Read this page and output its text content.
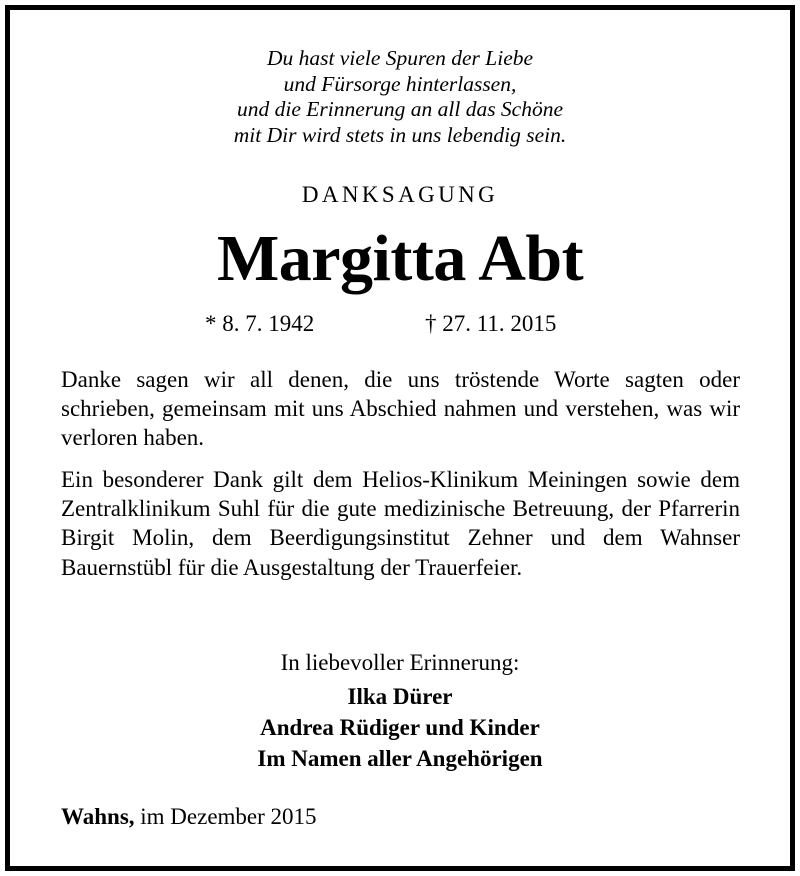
Du hast viele Spuren der Liebe
und Fürsorge hinterlassen,
und die Erinnerung an all das Schöne
mit Dir wird stets in uns lebendig sein.
DANKSAGUNG
Margitta Abt
* 8. 7. 1942	† 27. 11. 2015
Danke sagen wir all denen, die uns tröstende Worte sagten oder schrieben, gemeinsam mit uns Abschied nahmen und verstehen, was wir verloren haben.
Ein besonderer Dank gilt dem Helios-Klinikum Meiningen sowie dem Zentralklinikum Suhl für die gute medizinische Betreuung, der Pfarrerin Birgit Molin, dem Beerdigungsinstitut Zehner und dem Wahnser Bauernstübl für die Ausgestaltung der Trauerfeier.
In liebevoller Erinnerung:
Ilka Dürer
Andrea Rüdiger und Kinder
Im Namen aller Angehörigen
Wahns, im Dezember 2015
